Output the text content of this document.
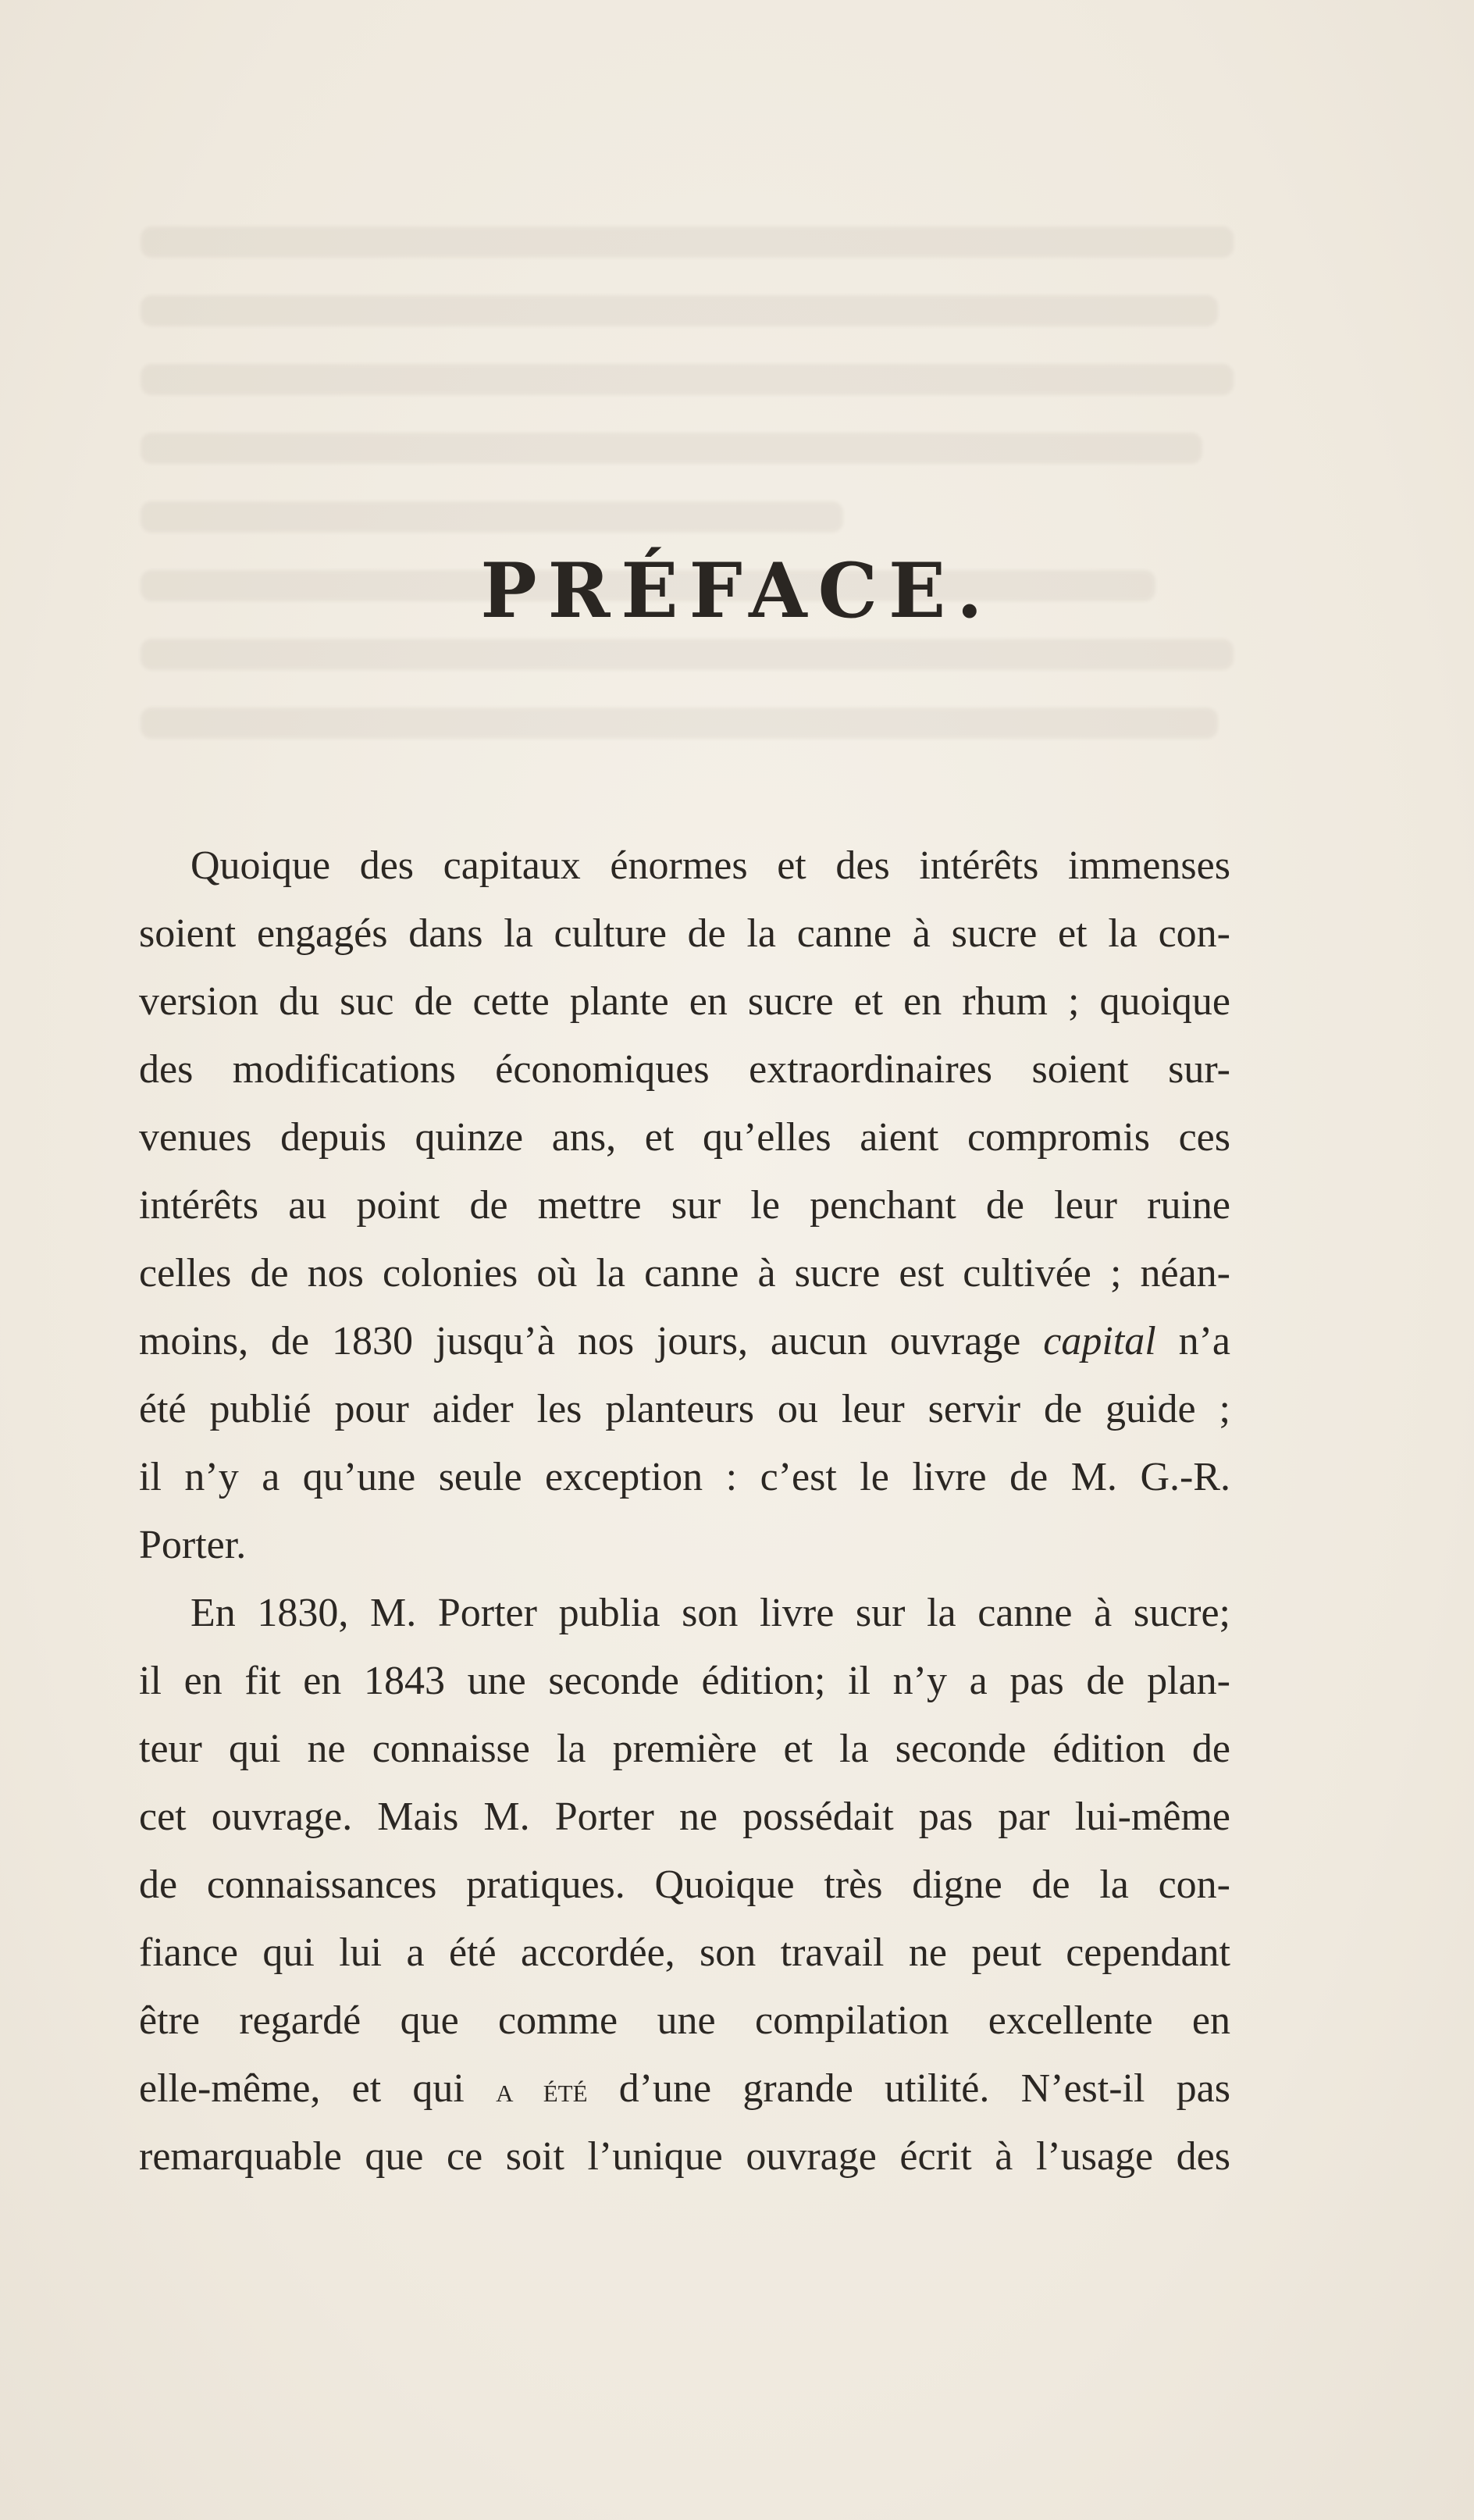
PRÉFACE.
Quoique des capitaux énormes et des intérêts immenses
soient engagés dans la culture de la canne à sucre et la con-
version du suc de cette plante en sucre et en rhum ; quoique
des modifications économiques extraordinaires soient sur-
venues depuis quinze ans, et qu’elles aient compromis ces
intérêts au point de mettre sur le penchant de leur ruine
celles de nos colonies où la canne à sucre est cultivée ; néan-
moins, de 1830 jusqu’à nos jours, aucun ouvrage capital n’a
été publié pour aider les planteurs ou leur servir de guide ;
il n’y a qu’une seule exception : c’est le livre de M. G.-R.
Porter.
En 1830, M. Porter publia son livre sur la canne à sucre;
il en fit en 1843 une seconde édition; il n’y a pas de plan-
teur qui ne connaisse la première et la seconde édition de
cet ouvrage. Mais M. Porter ne possédait pas par lui-même
de connaissances pratiques. Quoique très digne de la con-
fiance qui lui a été accordée, son travail ne peut cependant
être regardé que comme une compilation excellente en
elle-même, et qui a été d’une grande utilité. N’est-il pas
remarquable que ce soit l’unique ouvrage écrit à l’usage des
